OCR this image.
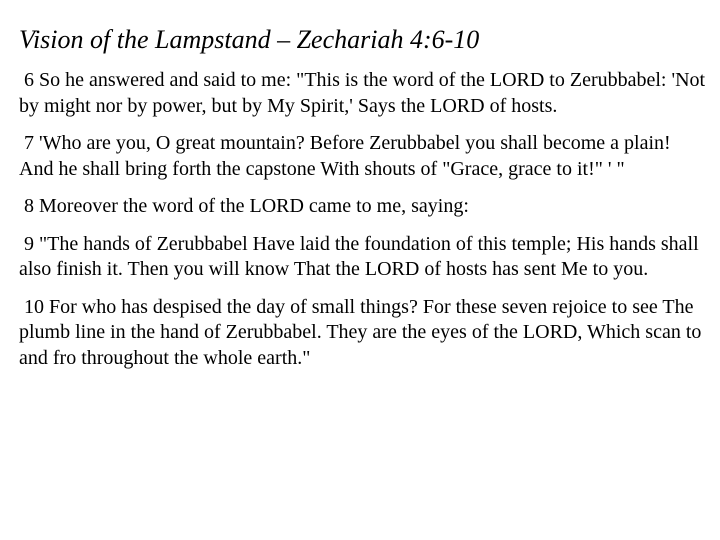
Vision of the Lampstand – Zechariah 4:6-10

6 So he answered and said to me: "This is the word of the LORD to Zerubbabel: 'Not by might nor by power, but by My Spirit,' Says the LORD of hosts.

7 'Who are you, O great mountain? Before Zerubbabel you shall become a plain! And he shall bring forth the capstone With shouts of "Grace, grace to it!" ' "

8 Moreover the word of the LORD came to me, saying:

9 "The hands of Zerubbabel Have laid the foundation of this temple; His hands shall also finish it. Then you will know That the LORD of hosts has sent Me to you.

10 For who has despised the day of small things? For these seven rejoice to see The plumb line in the hand of Zerubbabel. They are the eyes of the LORD, Which scan to and fro throughout the whole earth."
